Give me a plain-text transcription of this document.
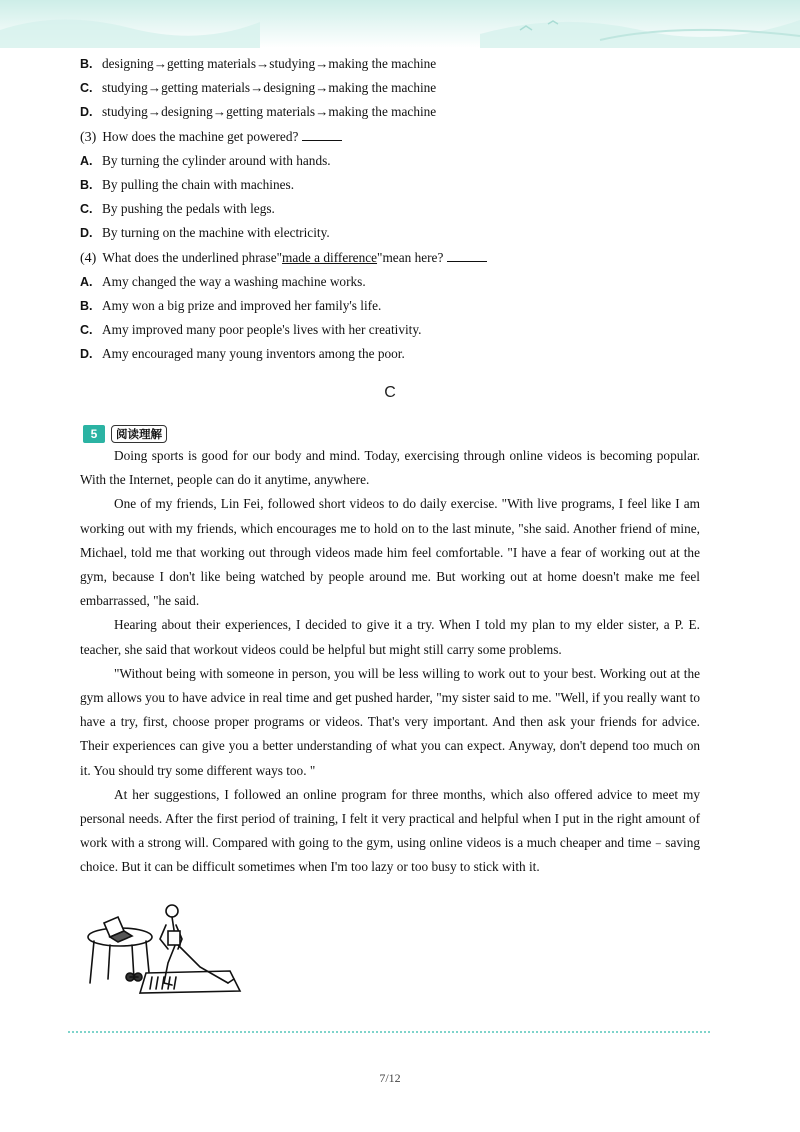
B. designing→getting materials→studying→making the machine
C. studying→getting materials→designing→making the machine
D. studying→designing→getting materials→making the machine
(3) How does the machine get powered?
A. By turning the cylinder around with hands.
B. By pulling the chain with machines.
C. By pushing the pedals with legs.
D. By turning on the machine with electricity.
(4) What does the underlined phrase"made a difference"mean here?
A. Amy changed the way a washing machine works.
B. Amy won a big prize and improved her family's life.
C. Amy improved many poor people's lives with her creativity.
D. Amy encouraged many young inventors among the poor.
C
5	阅读理解

Doing sports is good for our body and mind. Today, exercising through online videos is becoming popular. With the Internet, people can do it anytime, anywhere.

One of my friends, Lin Fei, followed short videos to do daily exercise. "With live programs, I feel like I am working out with my friends, which encourages me to hold on to the last minute, "she said. Another friend of mine, Michael, told me that working out through videos made him feel comfortable. "I have a fear of working out at the gym, because I don't like being watched by people around me. But working out at home doesn't make me feel embarrassed, "he said.

Hearing about their experiences, I decided to give it a try. When I told my plan to my elder sister, a P. E. teacher, she said that workout videos could be helpful but might still carry some problems.

"Without being with someone in person, you will be less willing to work out to your best. Working out at the gym allows you to have advice in real time and get pushed harder, "my sister said to me. "Well, if you really want to have a try, first, choose proper programs or videos. That's very important. And then ask your friends for advice. Their experiences can give you a better understanding of what you can expect. Anyway, don't depend too much on it. You should try some different ways too. "

At her suggestions, I followed an online program for three months, which also offered advice to meet my personal needs. After the first period of training, I felt it very practical and helpful when I put in the right amount of work with a strong will. Compared with going to the gym, using online videos is a much cheaper and time﹣saving choice. But it can be difficult sometimes when I'm too lazy or too busy to stick with it.

7/12
